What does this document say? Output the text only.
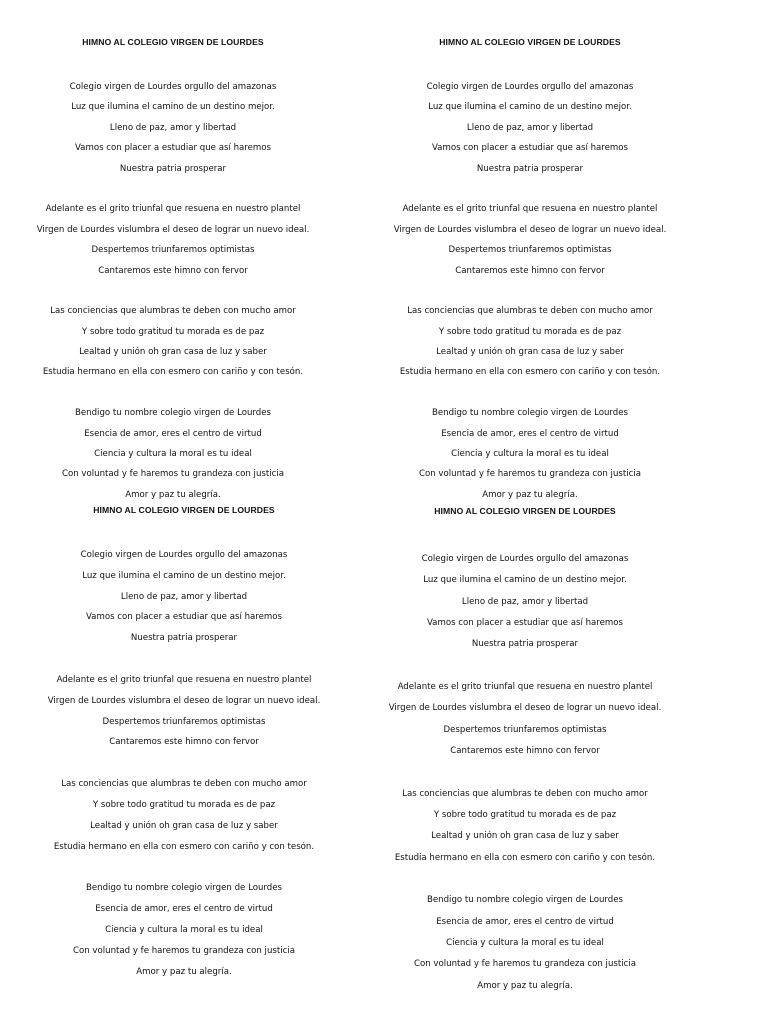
HIMNO AL COLEGIO VIRGEN DE LOURDES
Colegio virgen de Lourdes orgullo del amazonas
Luz que ilumina el camino de un destino mejor.
Lleno de paz, amor y libertad
Vamos con placer a estudiar que así haremos
Nuestra patria prosperar
Adelante es el grito triunfal que resuena en nuestro plantel
Virgen de Lourdes vislumbra el deseo de lograr un nuevo ideal.
Despertemos triunfaremos optimistas
Cantaremos este himno con fervor
Las conciencias que alumbras te deben con mucho amor
Y sobre todo gratitud tu morada es de paz
Lealtad y unión oh gran casa de luz y saber
Estudia hermano en ella con esmero con cariño y con tesón.
Bendigo tu nombre colegio virgen de Lourdes
Esencia de amor, eres el centro de virtud
Ciencia y cultura la moral es tu ideal
Con voluntad y fe haremos tu grandeza con justicia
Amor y paz tu alegría.
HIMNO AL COLEGIO VIRGEN DE LOURDES
Colegio virgen de Lourdes orgullo del amazonas
Luz que ilumina el camino de un destino mejor.
Lleno de paz, amor y libertad
Vamos con placer a estudiar que así haremos
Nuestra patria prosperar
Adelante es el grito triunfal que resuena en nuestro plantel
Virgen de Lourdes vislumbra el deseo de lograr un nuevo ideal.
Despertemos triunfaremos optimistas
Cantaremos este himno con fervor
Las conciencias que alumbras te deben con mucho amor
Y sobre todo gratitud tu morada es de paz
Lealtad y unión oh gran casa de luz y saber
Estudia hermano en ella con esmero con cariño y con tesón.
Bendigo tu nombre colegio virgen de Lourdes
Esencia de amor, eres el centro de virtud
Ciencia y cultura la moral es tu ideal
Con voluntad y fe haremos tu grandeza con justicia
Amor y paz tu alegría.
HIMNO AL COLEGIO VIRGEN DE LOURDES
Colegio virgen de Lourdes orgullo del amazonas
Luz que ilumina el camino de un destino mejor.
Lleno de paz, amor y libertad
Vamos con placer a estudiar que así haremos
Nuestra patria prosperar
Adelante es el grito triunfal que resuena en nuestro plantel
Virgen de Lourdes vislumbra el deseo de lograr un nuevo ideal.
Despertemos triunfaremos optimistas
Cantaremos este himno con fervor
Las conciencias que alumbras te deben con mucho amor
Y sobre todo gratitud tu morada es de paz
Lealtad y unión oh gran casa de luz y saber
Estudia hermano en ella con esmero con cariño y con tesón.
Bendigo tu nombre colegio virgen de Lourdes
Esencia de amor, eres el centro de virtud
Ciencia y cultura la moral es tu ideal
Con voluntad y fe haremos tu grandeza con justicia
Amor y paz tu alegría.
HIMNO AL COLEGIO VIRGEN DE LOURDES
Colegio virgen de Lourdes orgullo del amazonas
Luz que ilumina el camino de un destino mejor.
Lleno de paz, amor y libertad
Vamos con placer a estudiar que así haremos
Nuestra patria prosperar
Adelante es el grito triunfal que resuena en nuestro plantel
Virgen de Lourdes vislumbra el deseo de lograr un nuevo ideal.
Despertemos triunfaremos optimistas
Cantaremos este himno con fervor
Las conciencias que alumbras te deben con mucho amor
Y sobre todo gratitud tu morada es de paz
Lealtad y unión oh gran casa de luz y saber
Estudia hermano en ella con esmero con cariño y con tesón.
Bendigo tu nombre colegio virgen de Lourdes
Esencia de amor, eres el centro de virtud
Ciencia y cultura la moral es tu ideal
Con voluntad y fe haremos tu grandeza con justicia
Amor y paz tu alegría.
